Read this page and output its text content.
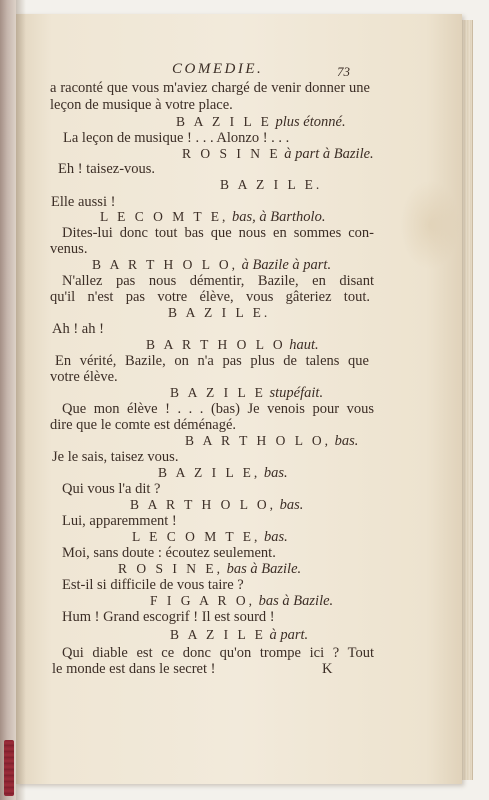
COMEDIE.	73

a raconté que vous m'aviez chargé de venir donner une

leçon de musique à votre place.

B A Z I L E plus étonné.

La leçon de musique ! . . . Alonzo ! . . .

R O S I N E à part à Bazile.

Eh ! taisez-vous.

B A Z I L E.

Elle aussi !

L E C O M T E, bas, à Bartholo.

Dites-lui donc tout bas que nous en sommes con-

venus.

B A R T H O L O, à Bazile à part.

N'allez pas nous démentir, Bazile, en disant

qu'il n'est pas votre élève, vous gâteriez tout.

B A Z I L E.

Ah ! ah !

B A R T H O L O haut.

En vérité, Bazile, on n'a pas plus de talens que

votre élève.

B A Z I L E stupéfait.

Que mon élève ! . . . (bas) Je venois pour vous

dire que le comte est déménagé.

B A R T H O L O, bas.

Je le sais, taisez vous.

B A Z I L E, bas.

Qui vous l'a dit ?

B A R T H O L O, bas.

Lui, apparemment !

L E C O M T E, bas.

Moi, sans doute : écoutez seulement.

R O S I N E, bas à Bazile.

Est-il si difficile de vous taire ?

F I G A R O, bas à Bazile.

Hum ! Grand escogrif ! Il est sourd !

B A Z I L E à part.

Qui diable est ce donc qu'on trompe ici ? Tout

le monde est dans le secret !	K
